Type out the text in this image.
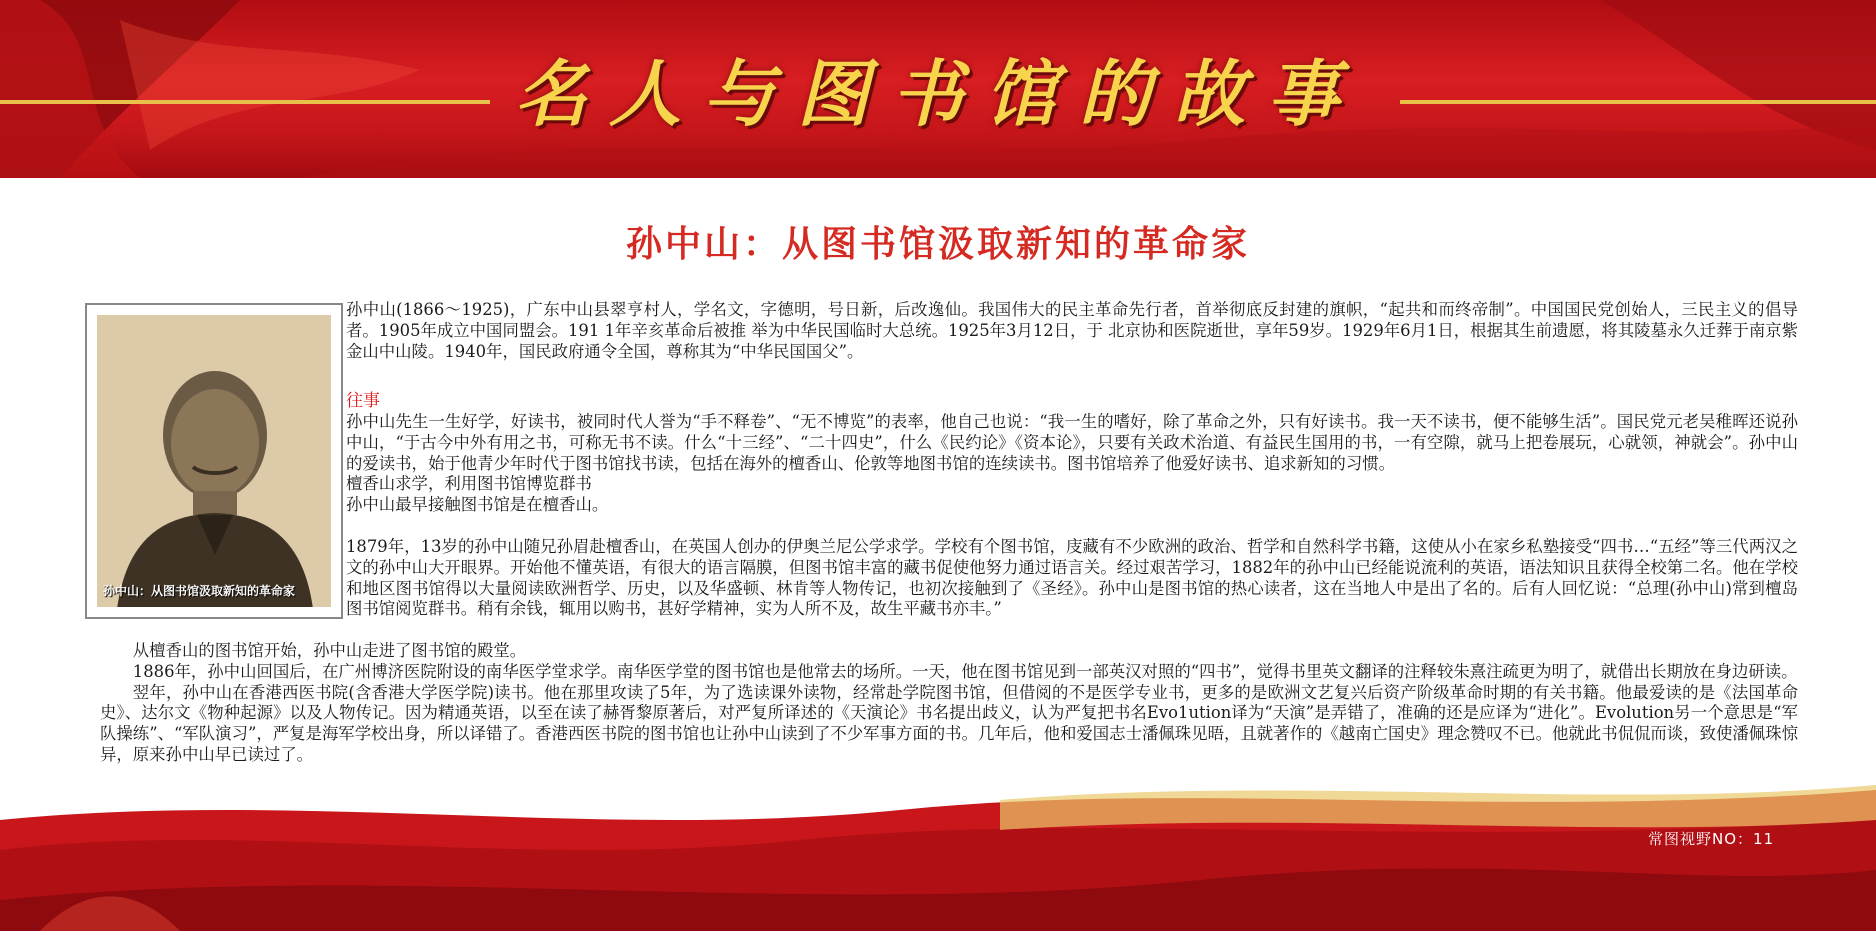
名人与图书馆的故事
孙中山：从图书馆汲取新知的革命家
孙中山：从图书馆汲取新知的革命家
孙中山(1866～1925)，广东中山县翠亨村人，学名文，字德明，号日新，后改逸仙。我国伟大的民主革命先行者，首举彻底反封建的旗帜，“起共和而终帝制”。中国国民党创始人，三民主义的倡导者。1905年成立中国同盟会。191 1年辛亥革命后被推 举为中华民国临时大总统。1925年3月12日，于 北京协和医院逝世，享年59岁。1929年6月1日，根据其生前遗愿，将其陵墓永久迁葬于南京紫金山中山陵。1940年，国民政府通令全国，尊称其为“中华民国国父”。
往事

孙中山先生一生好学，好读书，被同时代人誉为“手不释卷”、“无不博览”的表率，他自己也说：“我一生的嗜好，除了革命之外，只有好读书。我一天不读书，便不能够生活”。国民党元老吴稚晖还说孙中山，“于古今中外有用之书，可称无书不读。什么“十三经”、“二十四史”，什么《民约论》《资本论》，只要有关政术治道、有益民生国用的书，一有空隙，就马上把卷展玩，心就领，神就会”。孙中山的爱读书，始于他青少年时代于图书馆找书读，包括在海外的檀香山、伦敦等地图书馆的连续读书。图书馆培养了他爱好读书、追求新知的习惯。

檀香山求学，利用图书馆博览群书

孙中山最早接触图书馆是在檀香山。

1879年，13岁的孙中山随兄孙眉赴檀香山，在英国人创办的伊奥兰尼公学求学。学校有个图书馆，庋藏有不少欧洲的政治、哲学和自然科学书籍，这使从小在家乡私塾接受“四书…“五经”等三代两汉之文的孙中山大开眼界。开始他不懂英语，有很大的语言隔膜，但图书馆丰富的藏书促使他努力通过语言关。经过艰苦学习，1882年的孙中山已经能说流利的英语，语法知识且获得全校第二名。他在学校和地区图书馆得以大量阅读欧洲哲学、历史，以及华盛顿、林肯等人物传记，也初次接触到了《圣经》。孙中山是图书馆的热心读者，这在当地人中是出了名的。后有人回忆说：“总理(孙中山)常到檀岛图书馆阅览群书。稍有余钱，辄用以购书，甚好学精神，实为人所不及，故生平藏书亦丰。”

从檀香山的图书馆开始，孙中山走进了图书馆的殿堂。

1886年，孙中山回国后，在广州博济医院附设的南华医学堂求学。南华医学堂的图书馆也是他常去的场所。一天，他在图书馆见到一部英汉对照的“四书”，觉得书里英文翻译的注释较朱熹注疏更为明了，就借出长期放在身边研读。

翌年，孙中山在香港西医书院(含香港大学医学院)读书。他在那里攻读了5年，为了选读课外读物，经常赴学院图书馆，但借阅的不是医学专业书，更多的是欧洲文艺复兴后资产阶级革命时期的有关书籍。他最爱读的是《法国革命史》、达尔文《物种起源》以及人物传记。因为精通英语，以至在读了赫胥黎原著后，对严复所译述的《天演论》书名提出歧义，认为严复把书名Evo1ution译为“天演”是弄错了，准确的还是应译为“进化”。Evolution另一个意思是“军队操练”、“军队演习”，严复是海军学校出身，所以译错了。香港西医书院的图书馆也让孙中山读到了不少军事方面的书。几年后，他和爱国志士潘佩珠见晤，且就著作的《越南亡国史》理念赞叹不已。他就此书侃侃而谈，致使潘佩珠惊异，原来孙中山早已读过了。

常图视野NO：11
